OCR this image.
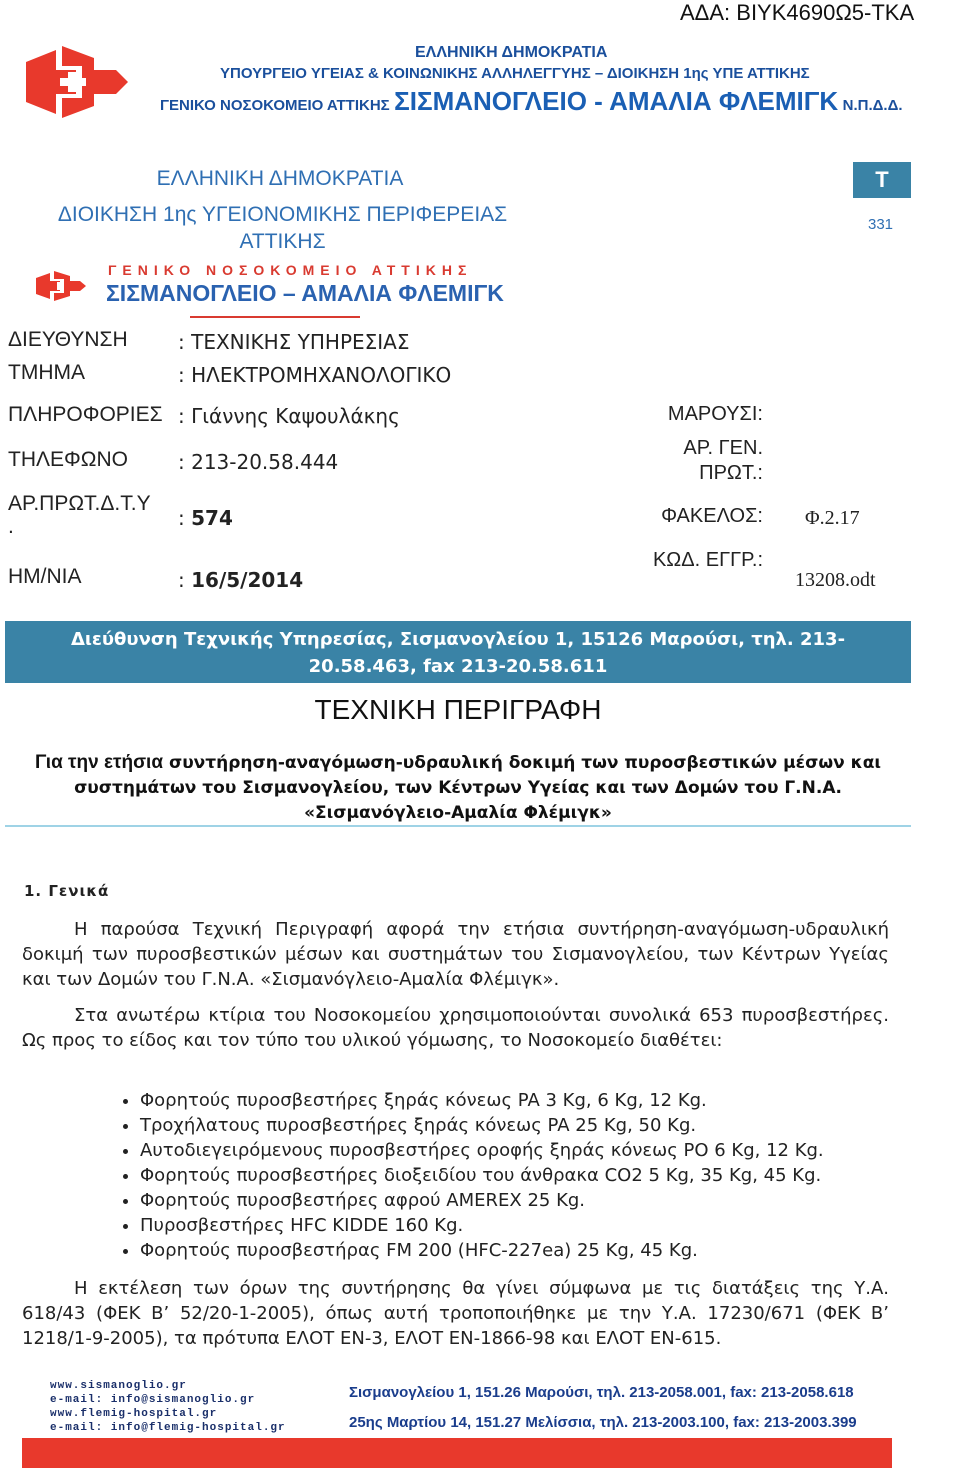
ΑΔΑ: ΒΙΥΚ4690Ω5-ΤΚΑ
ΕΛΛΗΝΙΚΗ ΔΗΜΟΚΡΑΤΙΑ
ΥΠΟΥΡΓΕΙΟ ΥΓΕΙΑΣ & ΚΟΙΝΩΝΙΚΗΣ ΑΛΛΗΛΕΓΓΥΗΣ – ΔΙΟΙΚΗΣΗ 1ης ΥΠΕ ΑΤΤΙΚΗΣ
ΓΕΝΙΚΟ ΝΟΣΟΚΟΜΕΙΟ ΑΤΤΙΚΗΣ ΣΙΣΜΑΝΟΓΛΕΙΟ - ΑΜΑΛΙΑ ΦΛΕΜΙΓΚ Ν.Π.Δ.Δ.
ΕΛΛΗΝΙΚΗ ΔΗΜΟΚΡΑΤΙΑ
ΔΙΟΙΚΗΣΗ 1ης ΥΓΕΙΟΝΟΜΙΚΗΣ ΠΕΡΙΦΕΡΕΙΑΣ
ΑΤΤΙΚΗΣ
ΓΕΝΙΚΟ ΝΟΣΟΚΟΜΕΙΟ ΑΤΤΙΚΗΣ
ΣΙΣΜΑΝΟΓΛΕΙΟ – ΑΜΑΛΙΑ ΦΛΕΜΙΓΚ
Τ
331
ΔΙΕΥΘΥΝΣΗ	: ΤΕΧΝΙΚΗΣ ΥΠΗΡΕΣΙΑΣ
ΤΜΗΜΑ	: ΗΛΕΚΤΡΟΜΗΧΑΝΟΛΟΓΙΚΟ
ΠΛΗΡΟΦΟΡΙΕΣ : Γιάννης Καψουλάκης
ΤΗΛΕΦΩΝΟ	: 213-20.58.444
ΑΡ.ΠΡΩΤ.Δ.Τ.Υ
.	: 574
ΗΜ/ΝΙΑ	: 16/5/2014
ΜΑΡΟΥΣΙ:
ΑΡ. ΓΕΝ.
ΠΡΩΤ.:
ΦΑΚΕΛΟΣ: Φ.2.17
ΚΩΔ. ΕΓΓΡ.:
13208.odt
Διεύθυνση Τεχνικής Υπηρεσίας, Σισμανογλείου 1, 15126 Μαρούσι, τηλ. 213-
20.58.463, fax 213-20.58.611
ΤΕΧΝΙΚΗ ΠΕΡΙΓΡΑΦΗ
Για την ετήσια συντήρηση-αναγόμωση-υδραυλική δοκιμή των πυροσβεστικών μέσων και
συστημάτων του Σισμανογλείου, των Κέντρων Υγείας και των Δομών του Γ.Ν.Α.
«Σισμανόγλειο-Αμαλία Φλέμιγκ»
1. Γενικά
Η παρούσα Τεχνική Περιγραφή αφορά την ετήσια συντήρηση-αναγόμωση-υδραυλική δοκιμή των πυροσβεστικών μέσων και συστημάτων του Σισμανογλείου, των Κέντρων Υγείας και των Δομών του Γ.Ν.Α. «Σισμανόγλειο-Αμαλία Φλέμιγκ».
Στα ανωτέρω κτίρια του Νοσοκομείου χρησιμοποιούνται συνολικά 653 πυροσβεστήρες. Ως προς το είδος και τον τύπο του υλικού γόμωσης, το Νοσοκομείο διαθέτει:
• Φορητούς πυροσβεστήρες ξηράς κόνεως PA 3 Kg, 6 Kg, 12 Kg.
• Τροχήλατους πυροσβεστήρες ξηράς κόνεως PA 25 Kg, 50 Kg.
• Αυτοδιεγειρόμενους πυροσβεστήρες οροφής ξηράς κόνεως PO 6 Kg, 12 Kg.
• Φορητούς πυροσβεστήρες διοξειδίου του άνθρακα CO2 5 Kg, 35 Kg, 45 Kg.
• Φορητούς πυροσβεστήρες αφρού AMEREX 25 Kg.
• Πυροσβεστήρες HFC KIDDE 160 Kg.
• Φορητούς πυροσβεστήρας FM 200 (HFC-227ea) 25 Kg, 45 Kg.
Η εκτέλεση των όρων της συντήρησης θα γίνει σύμφωνα με τις διατάξεις της Υ.Α. 618/43 (ΦΕΚ Β’ 52/20-1-2005), όπως αυτή τροποποιήθηκε με την Υ.Α. 17230/671 (ΦΕΚ Β’ 1218/1-9-2005), τα πρότυπα ΕΛΟΤ ΕΝ-3, ΕΛΟΤ ΕΝ-1866-98 και ΕΛΟΤ ΕΝ-615.
www.sismanoglio.gr
e-mail: info@sismanoglio.gr
www.flemig-hospital.gr
e-mail: info@flemig-hospital.gr
Σισμανογλείου 1, 151.26 Μαρούσι, τηλ. 213-2058.001, fax: 213-2058.618
25ης Μαρτίου 14, 151.27 Μελίσσια, τηλ. 213-2003.100, fax: 213-2003.399
